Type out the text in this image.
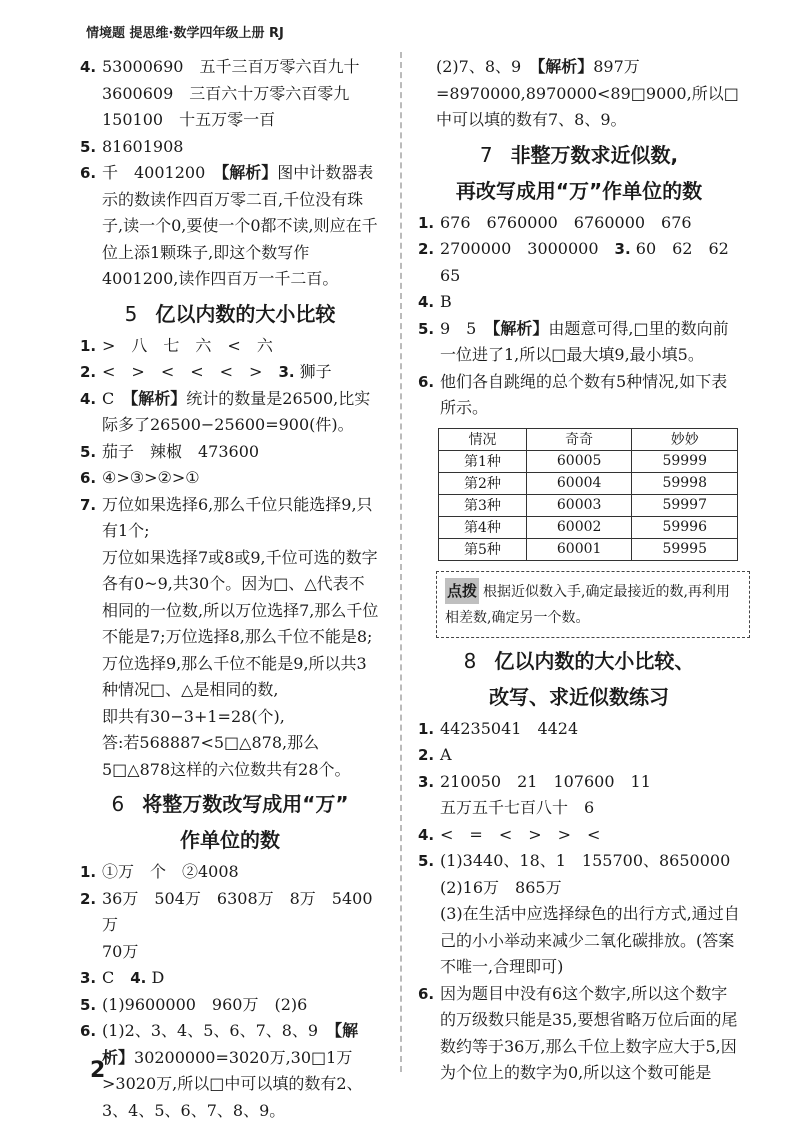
情境题 提思维·数学四年级上册 RJ
4. 53000690　五千三百万零六百九十
3600609　三百六十万零六百零九
150100　十五万零一百
5. 81601908
6. 千　4001200　【解析】图中计数器表示的数读作四百万零二百,千位没有珠子,读一个0,要使一个0都不读,则应在千位上添1颗珠子,即这个数写作4001200,读作四百万一千二百。
5 亿以内数的大小比较
1. >　八　七　六　<　六
2. <　>　<　<　<　>　3. 狮子
4. C　【解析】统计的数量是26500,比实际多了26500−25600=900(件)。
5. 茄子　辣椒　473600
6. ④>③>②>①
7. 万位如果选择6,那么千位只能选择9,只有1个;
万位如果选择7或8或9,千位可选的数字各有0~9,共30个。因为□、△代表不相同的一位数,所以万位选择7,那么千位不能是7;万位选择8,那么千位不能是8;万位选择9,那么千位不能是9,所以共3种情况□、△是相同的数,
即共有30−3+1=28(个),
答:若568887<5□△878,那么5□△878这样的六位数共有28个。
6 将整万数改写成用“万”
作单位的数
1. ①万　个　②4008
2. 36万　504万　6308万　8万　5400万
70万
3. C　4. D
5. (1)9600000　960万　(2)6
6. (1)2、3、4、5、6、7、8、9　【解析】30200000=3020万,30□1万>3020万,所以□中可以填的数有2、3、4、5、6、7、8、9。
(2)7、8、9　【解析】897万=8970000,8970000<89□9000,所以□中可以填的数有7、8、9。
7 非整万数求近似数,
再改写成用“万”作单位的数
1. 676　6760000　6760000　676
2. 2700000　3000000　3. 60　62　62　65
4. B
5. 9　5　【解析】由题意可得,□里的数向前一位进了1,所以□最大填9,最小填5。
6. 他们各自跳绳的总个数有5种情况,如下表所示。
情况	奇奇	妙妙
第1种	60005	59999
第2种	60004	59998
第3种	60003	59997
第4种	60002	59996
第5种	60001	59995
点拨 根据近似数入手,确定最接近的数,再利用相差数,确定另一个数。
8 亿以内数的大小比较、
改写、求近似数练习
1. 44235041　4424
2. A
3. 210050　21　107600　11
五万五千七百八十　6
4. <　=　<　>　>　<
5. (1)3440、18、1　155700、8650000
(2)16万　865万
(3)在生活中应选择绿色的出行方式,通过自己的小小举动来减少二氧化碳排放。(答案不唯一,合理即可)
6. 因为题目中没有6这个数字,所以这个数字的万级数只能是35,要想省略万位后面的尾数约等于36万,那么千位上数字应大于5,因为个位上的数字为0,所以这个数可能是
2
